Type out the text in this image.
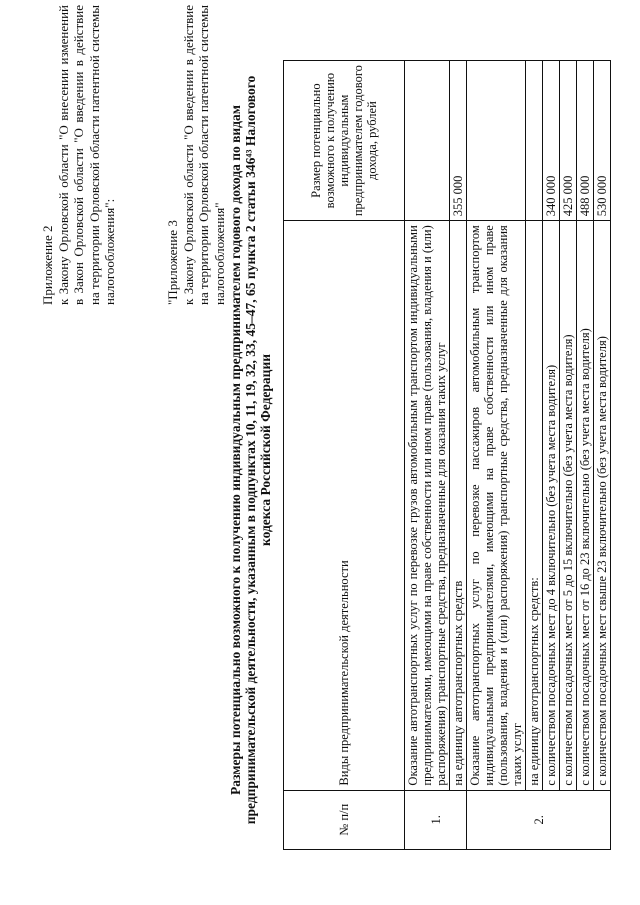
Приложение 2 к Закону Орловской области "О внесении изменений в Закон Орловской области "О введении в действие на территории Орловской области патентной системы налогообложения":	"Приложение 3 к Закону Орловской области "О введении в действие на территории Орловской области патентной системы налогообложения" Размеры потенциально возможного к получению индивидуальным предпринимателем годового дохода по видам предпринимательской деятельности, указанным в подпунктах 10, 11, 19, 32, 33, 45–47, 65 пункта 2 статьи 346⁴³ Налогового кодекса Российской Федерации
№ п/п	Виды предпринимательской деятельности	Размер потенциально возможного к получению индивидуальным предпринимателем годового дохода, рублей
1.	Оказание автотранспортных услуг по перевозке грузов автомобильным транспортом индивидуальными предпринимателями, имеющими на праве собственности или ином праве (пользования, владения и (или) распоряжения) транспортные средства, предназначенные для оказания таких услуг	
	на единицу автотранспортных средств	355 000
2.	Оказание автотранспортных услуг по перевозке пассажиров автомобильным транспортом индивидуальными предпринимателями, имеющими на праве собственности или ином праве (пользования, владения и (или) распоряжения) транспортные средства, предназначенные для оказания таких услуг	
	на единицу автотранспортных средств:	
	с количеством посадочных мест до 4 включительно (без учета места водителя)	340 000
	с количеством посадочных мест от 5 до 15 включительно (без учета места водителя)	425 000
	с количеством посадочных мест от 16 до 23 включительно (без учета места водителя)	488 000
	с количеством посадочных мест свыше 23 включительно (без учета места водителя)	530 000
